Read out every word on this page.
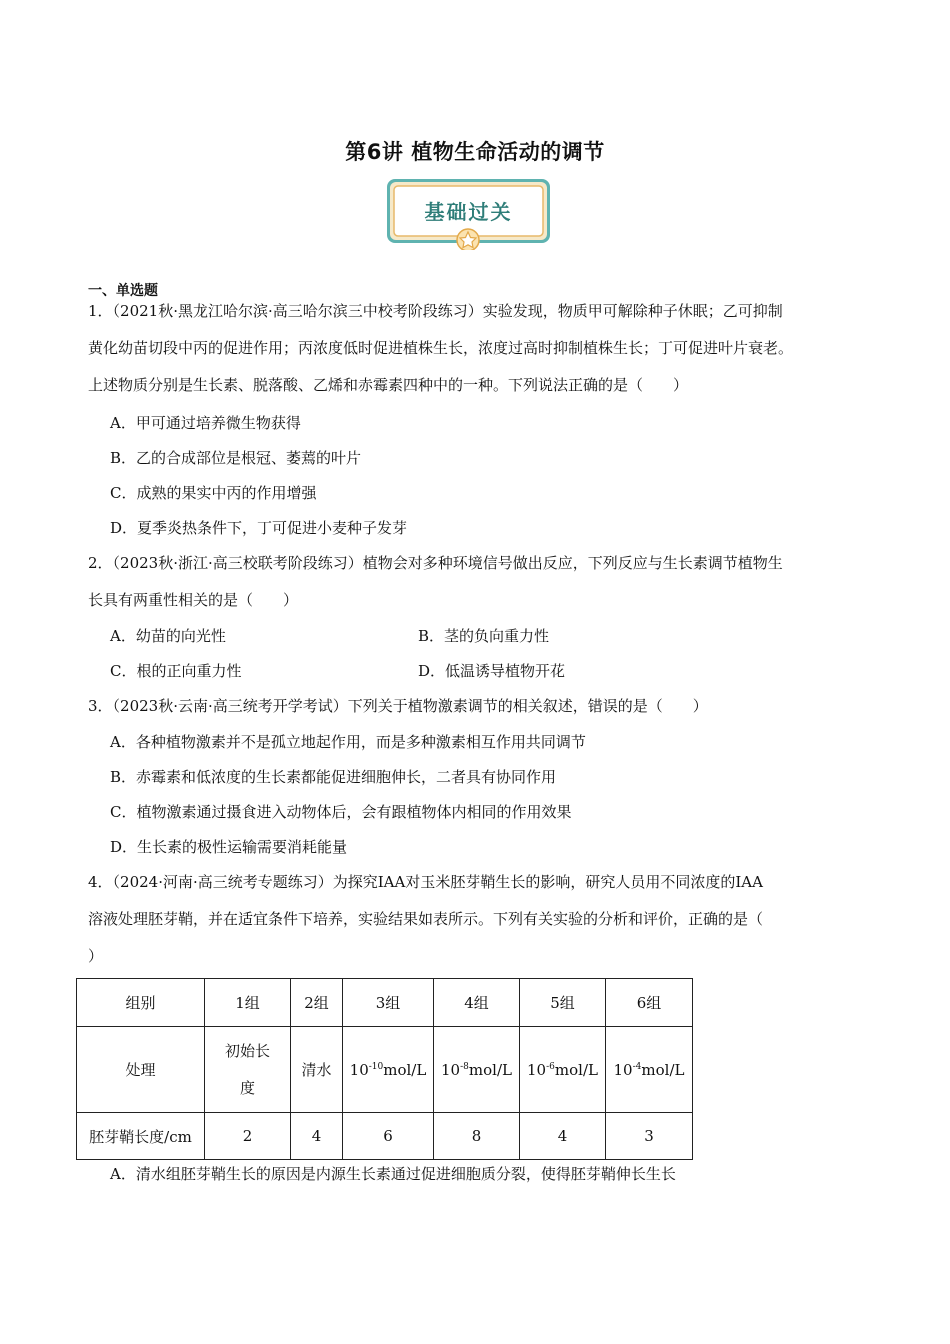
第6讲 植物生命活动的调节
基础过关
一、单选题
1．（2021秋·黑龙江哈尔滨·高三哈尔滨三中校考阶段练习）实验发现，物质甲可解除种子休眠；乙可抑制
黄化幼苗切段中丙的促进作用；丙浓度低时促进植株生长，浓度过高时抑制植株生长；丁可促进叶片衰老。
上述物质分别是生长素、脱落酸、乙烯和赤霉素四种中的一种。下列说法正确的是（　　）
A．甲可通过培养微生物获得
B．乙的合成部位是根冠、萎蔫的叶片
C．成熟的果实中丙的作用增强
D．夏季炎热条件下，丁可促进小麦种子发芽
2．（2023秋·浙江·高三校联考阶段练习）植物会对多种环境信号做出反应，下列反应与生长素调节植物生
长具有两重性相关的是（　　）
A．幼苗的向光性	B．茎的负向重力性
C．根的正向重力性	D．低温诱导植物开花
3．（2023秋·云南·高三统考开学考试）下列关于植物激素调节的相关叙述，错误的是（　　）
A．各种植物激素并不是孤立地起作用，而是多种激素相互作用共同调节
B．赤霉素和低浓度的生长素都能促进细胞伸长，二者具有协同作用
C．植物激素通过摄食进入动物体后，会有跟植物体内相同的作用效果
D．生长素的极性运输需要消耗能量
4．（2024·河南·高三统考专题练习）为探究IAA对玉米胚芽鞘生长的影响，研究人员用不同浓度的IAA
溶液处理胚芽鞘，并在适宜条件下培养，实验结果如表所示。下列有关实验的分析和评价，正确的是（
）
组别	1组	2组	3组	4组	5组	6组
处理	初始长
度	清水	$10^{-10}mol/L$	$10^{-8}mol/L$	$10^{-6}mol/L$	$10^{-4}mol/L$
胚芽鞘长度/cm	2	4	6	8	4	3
A．清水组胚芽鞘生长的原因是内源生长素通过促进细胞质分裂，使得胚芽鞘伸长生长
